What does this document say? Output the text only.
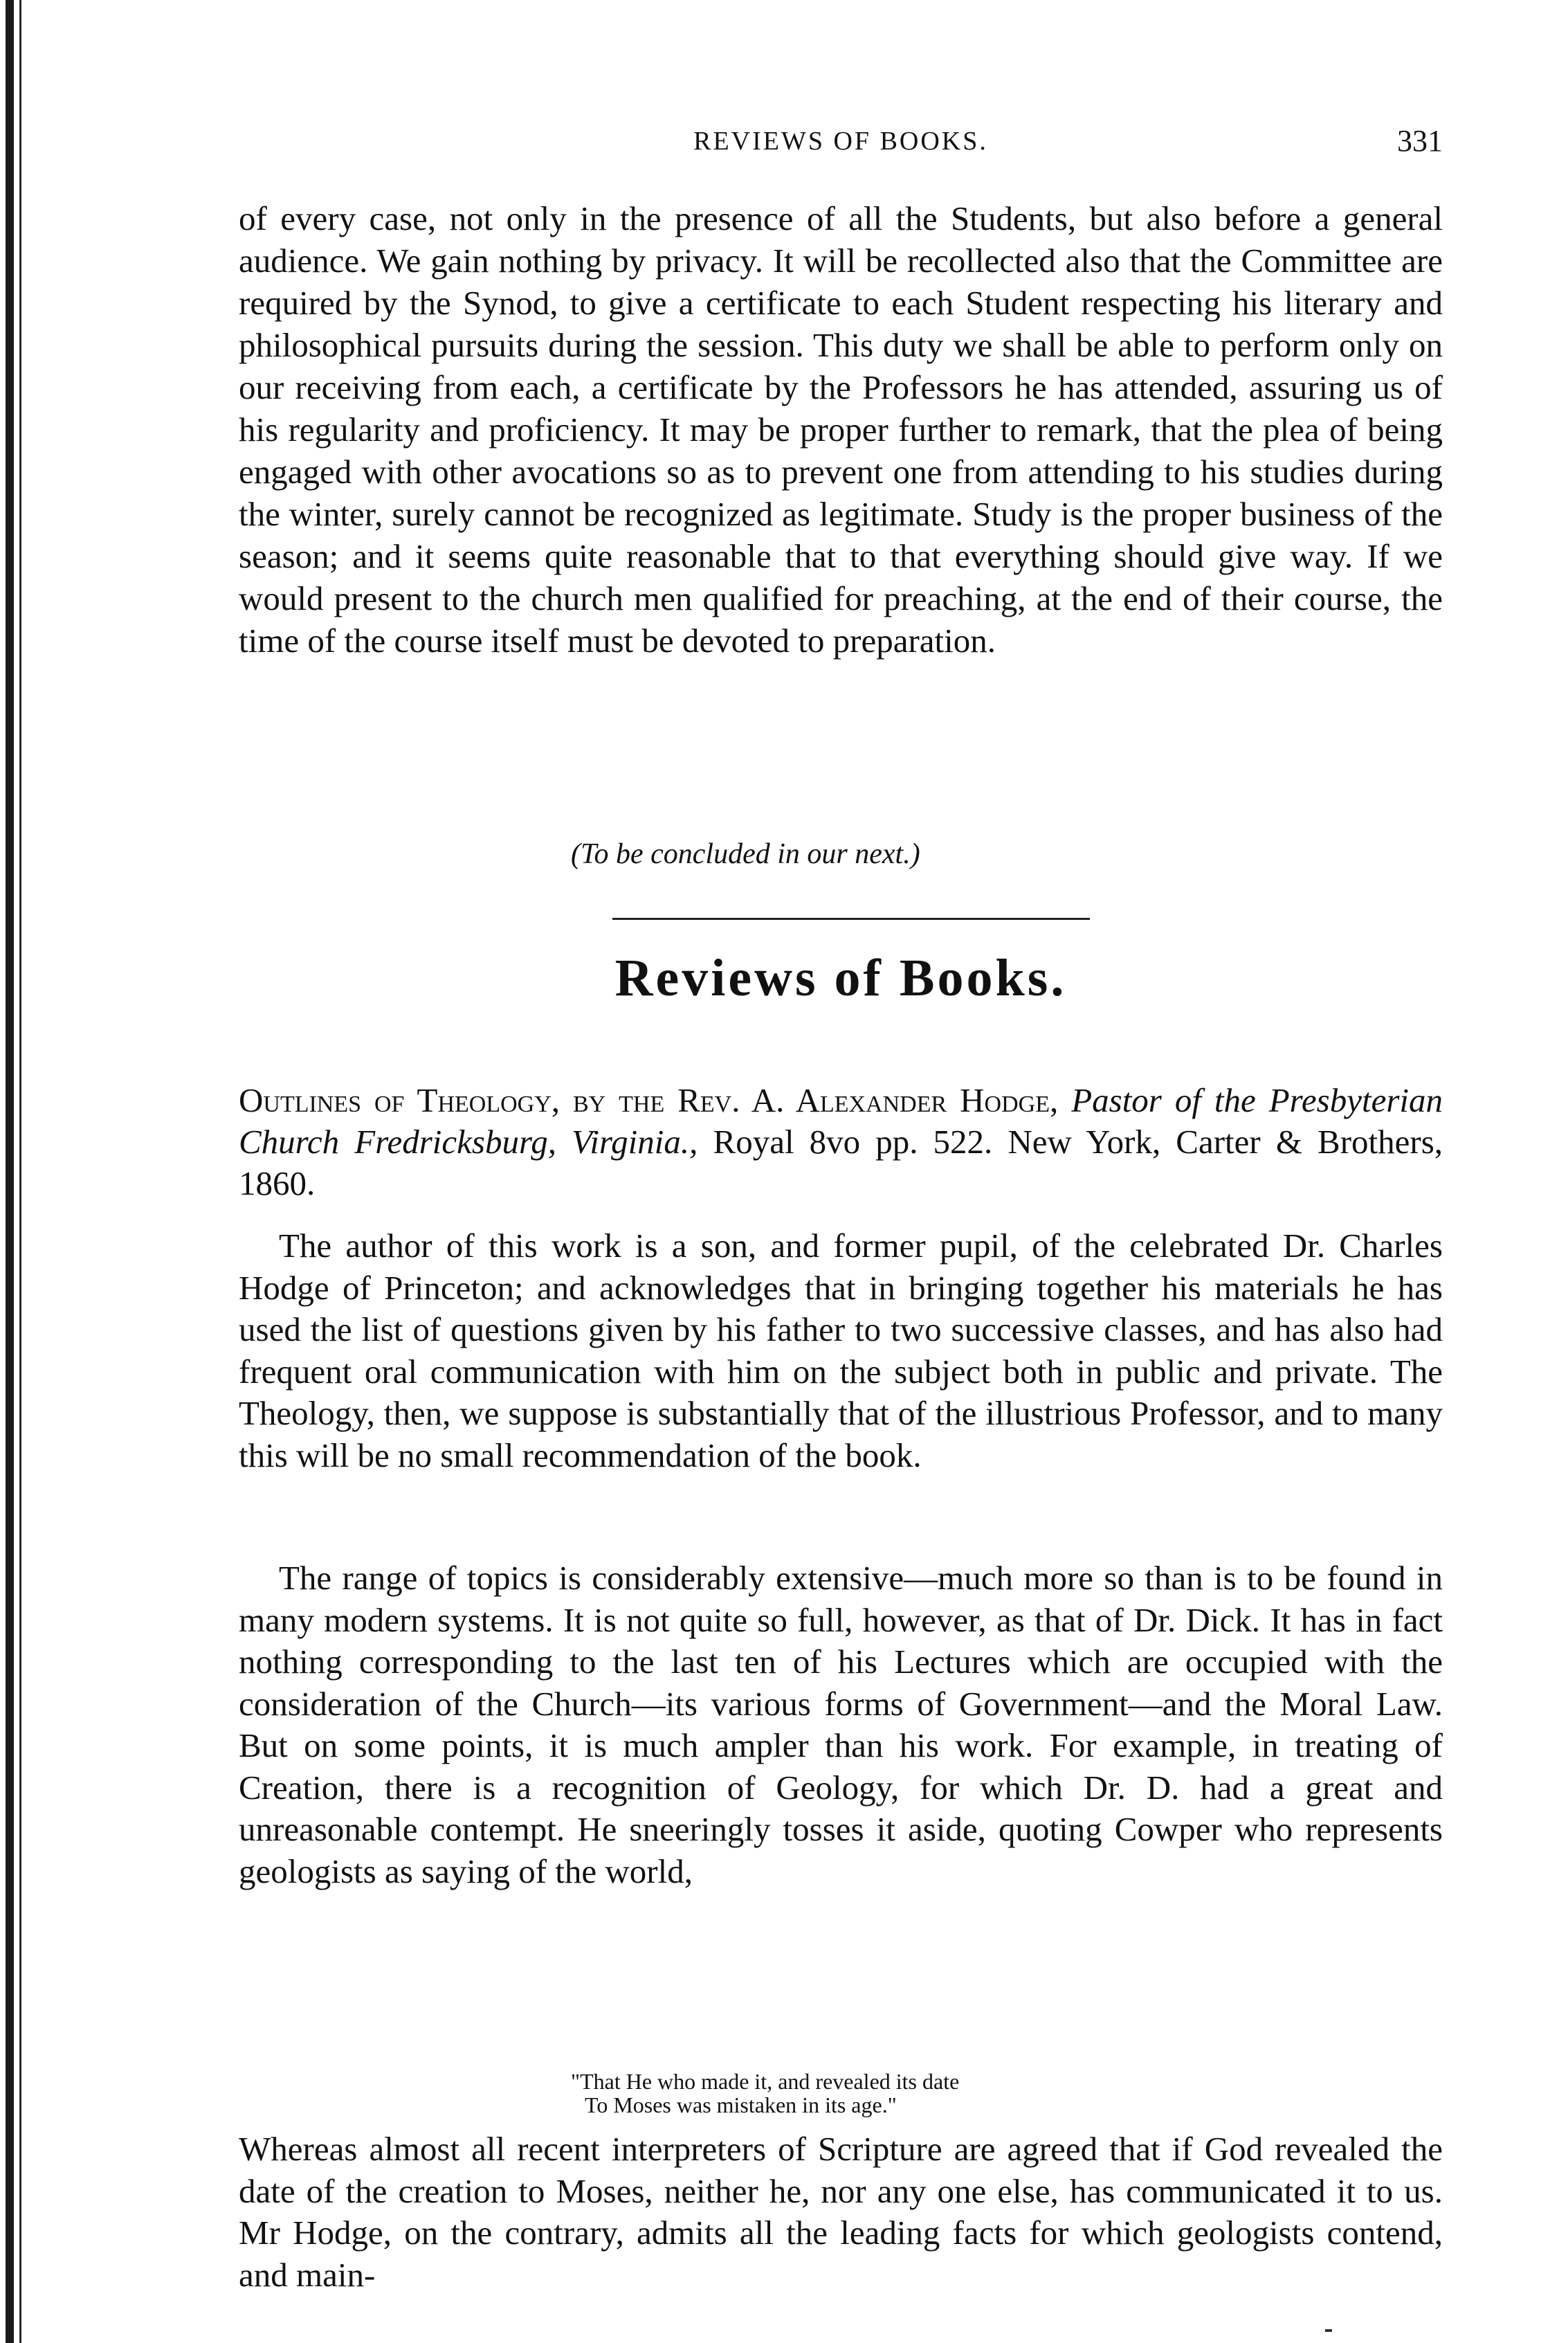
REVIEWS OF BOOKS.	331
of every case, not only in the presence of all the Students, but also before a general audience. We gain nothing by privacy. It will be recollected also that the Committee are required by the Synod, to give a certificate to each Student respecting his literary and philosophical pursuits during the session. This duty we shall be able to perform only on our receiving from each, a certificate by the Professors he has attended, assuring us of his regularity and proficiency. It may be proper further to remark, that the plea of being engaged with other avocations so as to prevent one from attending to his studies during the winter, surely cannot be recognized as legitimate. Study is the proper business of the season; and it seems quite reasonable that to that everything should give way. If we would present to the church men qualified for preaching, at the end of their course, the time of the course itself must be devoted to preparation.
(To be concluded in our next.)
Reviews of Books.
Outlines of Theology, by the Rev. A. Alexander Hodge, Pastor of the Presbyterian Church Fredricksburg, Virginia., Royal 8vo pp. 522. New York, Carter & Brothers, 1860.

The author of this work is a son, and former pupil, of the celebrated Dr. Charles Hodge of Princeton; and acknowledges that in bringing together his materials he has used the list of questions given by his father to two successive classes, and has also had frequent oral communication with him on the subject both in public and private. The Theology, then, we suppose is substantially that of the illustrious Professor, and to many this will be no small recommendation of the book.

The range of topics is considerably extensive—much more so than is to be found in many modern systems. It is not quite so full, however, as that of Dr. Dick. It has in fact nothing corresponding to the last ten of his Lectures which are occupied with the consideration of the Church—its various forms of Government—and the Moral Law. But on some points, it is much ampler than his work. For example, in treating of Creation, there is a recognition of Geology, for which Dr. D. had a great and unreasonable contempt. He sneeringly tosses it aside, quoting Cowper who represents geologists as saying of the world,

"That He who made it, and revealed its date
To Moses was mistaken in its age."

Whereas almost all recent interpreters of Scripture are agreed that if God revealed the date of the creation to Moses, neither he, nor any one else, has communicated it to us. Mr Hodge, on the contrary, admits all the leading facts for which geologists contend, and main-
